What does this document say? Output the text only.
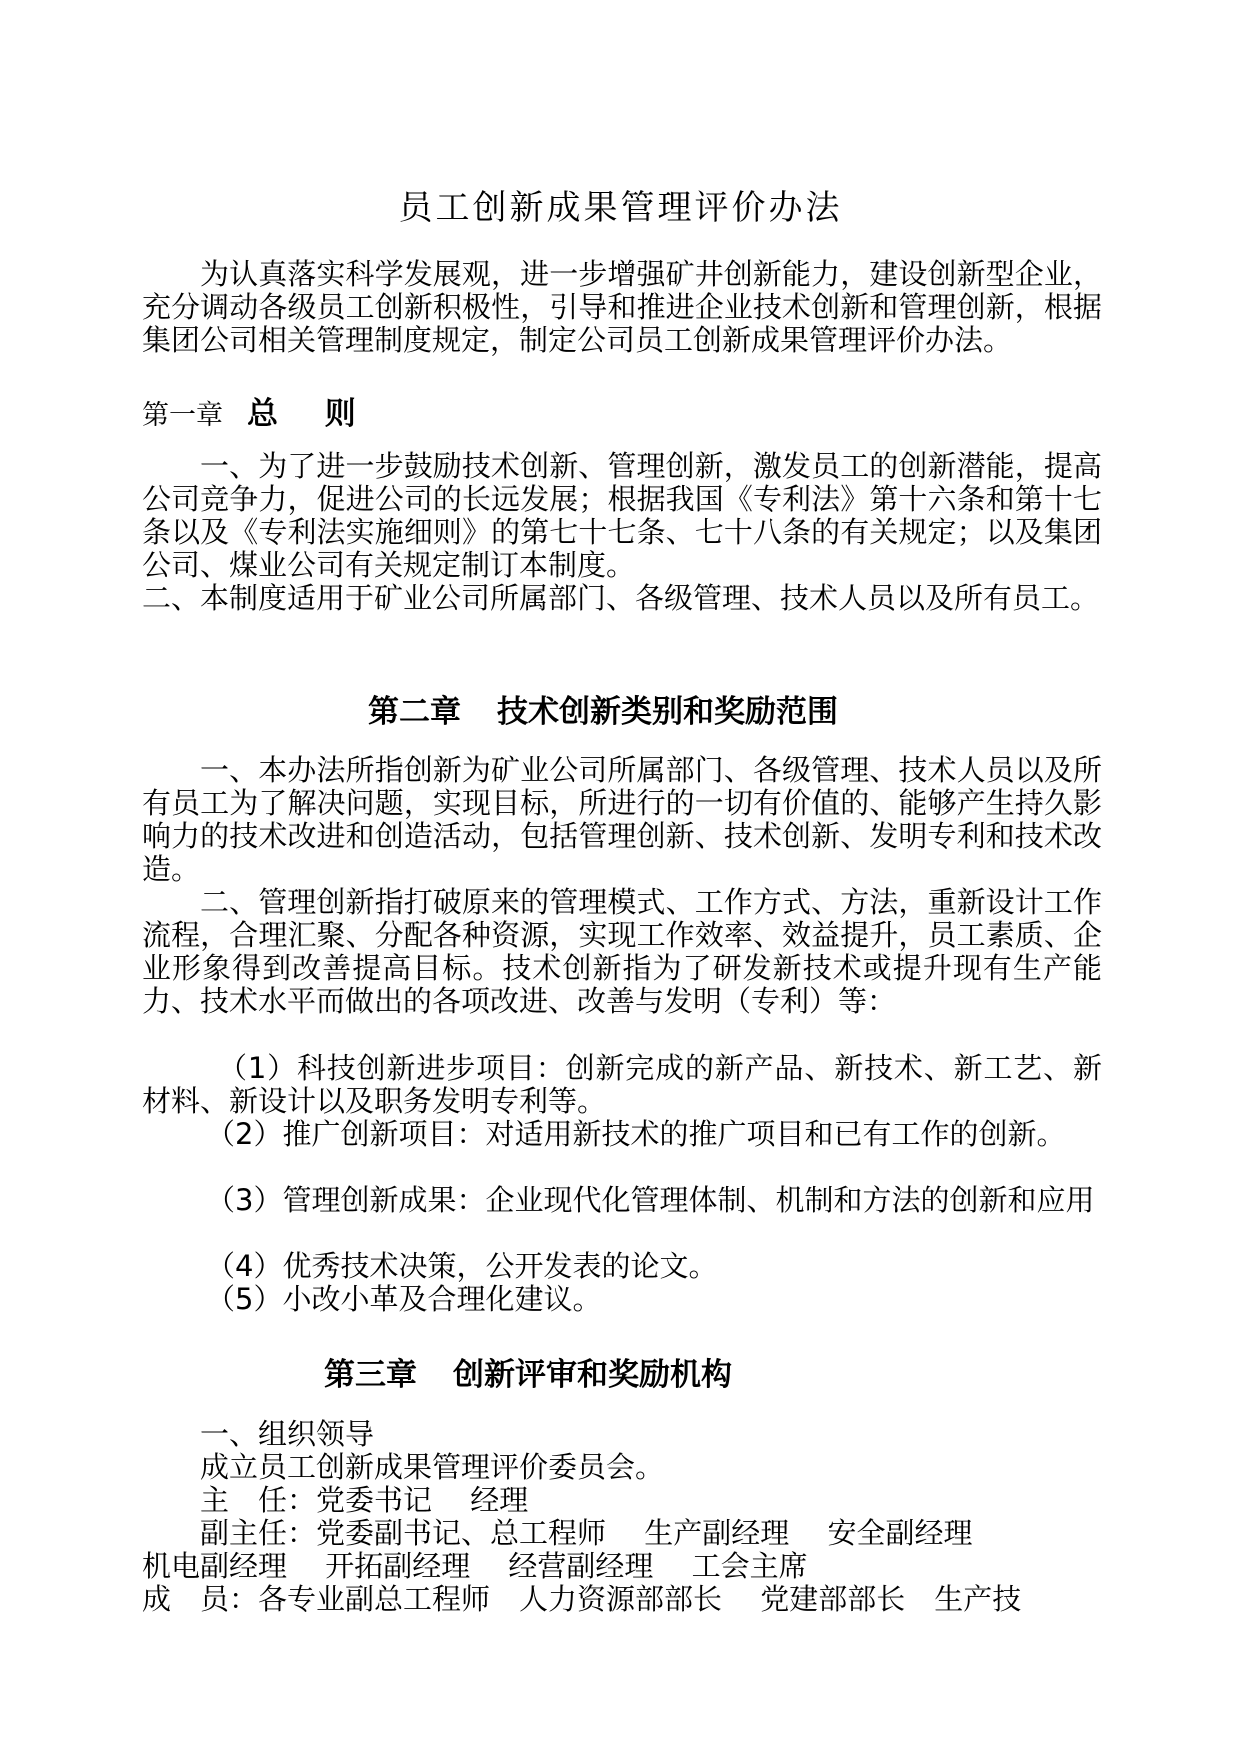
员工创新成果管理评价办法
为认真落实科学发展观，进一步增强矿井创新能力，建设创新型企业，充分调动各级员工创新积极性，引导和推进企业技术创新和管理创新，根据集团公司相关管理制度规定，制定公司员工创新成果管理评价办法。
第一章 总 则
一、为了进一步鼓励技术创新、管理创新，激发员工的创新潜能，提高公司竞争力，促进公司的长远发展；根据我国《专利法》第十六条和第十七条以及《专利法实施细则》的第七十七条、七十八条的有关规定；以及集团公司、煤业公司有关规定制订本制度。
二、本制度适用于矿业公司所属部门、各级管理、技术人员以及所有员工。
第二章 技术创新类别和奖励范围
一、本办法所指创新为矿业公司所属部门、各级管理、技术人员以及所有员工为了解决问题，实现目标，所进行的一切有价值的、能够产生持久影响力的技术改进和创造活动，包括管理创新、技术创新、发明专利和技术改造。
二、管理创新指打破原来的管理模式、工作方式、方法，重新设计工作流程，合理汇聚、分配各种资源，实现工作效率、效益提升，员工素质、企业形象得到改善提高目标。技术创新指为了研发新技术或提升现有生产能力、技术水平而做出的各项改进、改善与发明（专利）等：
（1）科技创新进步项目：创新完成的新产品、新技术、新工艺、新材料、新设计以及职务发明专利等。
（2）推广创新项目：对适用新技术的推广项目和已有工作的创新。
（3）管理创新成果：企业现代化管理体制、机制和方法的创新和应用
（4）优秀技术决策，公开发表的论文。
（5）小改小革及合理化建议。
第三章 创新评审和奖励机构
一、组织领导
成立员工创新成果管理评价委员会。
主　任：党委书记　 经理
副主任：党委副书记、总工程师　 生产副经理　 安全副经理
机电副经理　 开拓副经理　 经营副经理　 工会主席
成　员：各专业副总工程师　人力资源部部长　 党建部部长　生产技
